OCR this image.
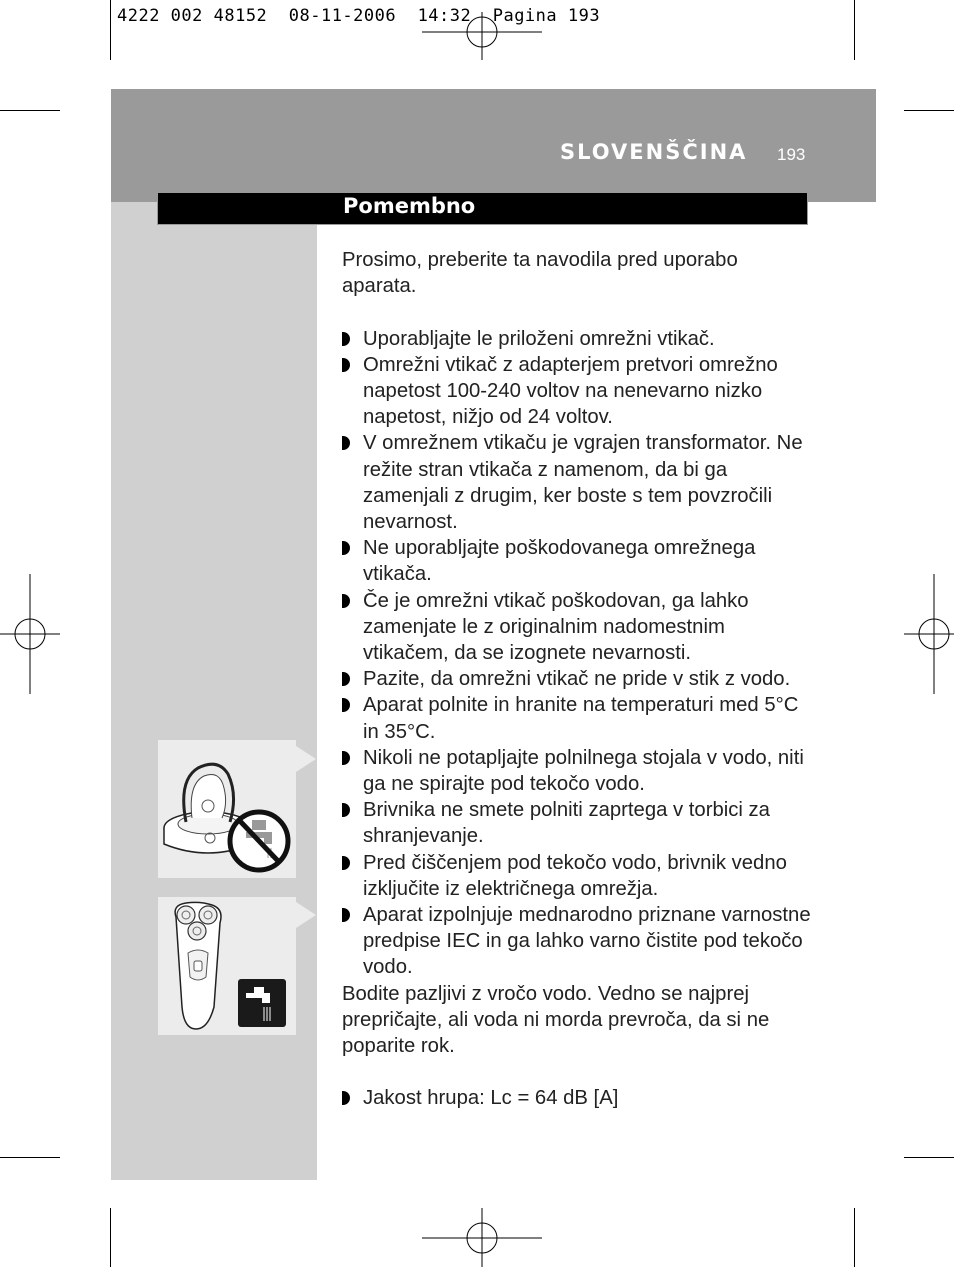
4222 002 48152  08-11-2006  14:32  Pagina 193
SLOVENŠČINA 193
Pomembno

Prosimo, preberite ta navodila pred uporabo aparata.

Uporabljajte le priloženi omrežni vtikač.
Omrežni vtikač z adapterjem pretvori omrežno napetost 100-240 voltov na nenevarno nizko napetost, nižjo od 24 voltov.
V omrežnem vtikaču je vgrajen transformator. Ne režite stran vtikača z namenom, da bi ga zamenjali z drugim, ker boste s tem povzročili nevarnost.
Ne uporabljajte poškodovanega omrežnega vtikača.
Če je omrežni vtikač poškodovan, ga lahko zamenjate le z originalnim nadomestnim vtikačem, da se izognete nevarnosti.
Pazite, da omrežni vtikač ne pride v stik z vodo.
Aparat polnite in hranite na temperaturi med 5°C in 35°C.
Nikoli ne potapljajte polnilnega stojala v vodo, niti ga ne spirajte pod tekočo vodo.
Brivnika ne smete polniti zaprtega v torbici za shranjevanje.
Pred čiščenjem pod tekočo vodo, brivnik vedno izključite iz električnega omrežja.
Aparat izpolnjuje mednarodno priznane varnostne predpise IEC in ga lahko varno čistite pod tekočo vodo.

Bodite pazljivi z vročo vodo. Vedno se najprej prepričajte, ali voda ni morda prevroča, da si ne poparite rok.

Jakost hrupa: Lc = 64 dB [A]
